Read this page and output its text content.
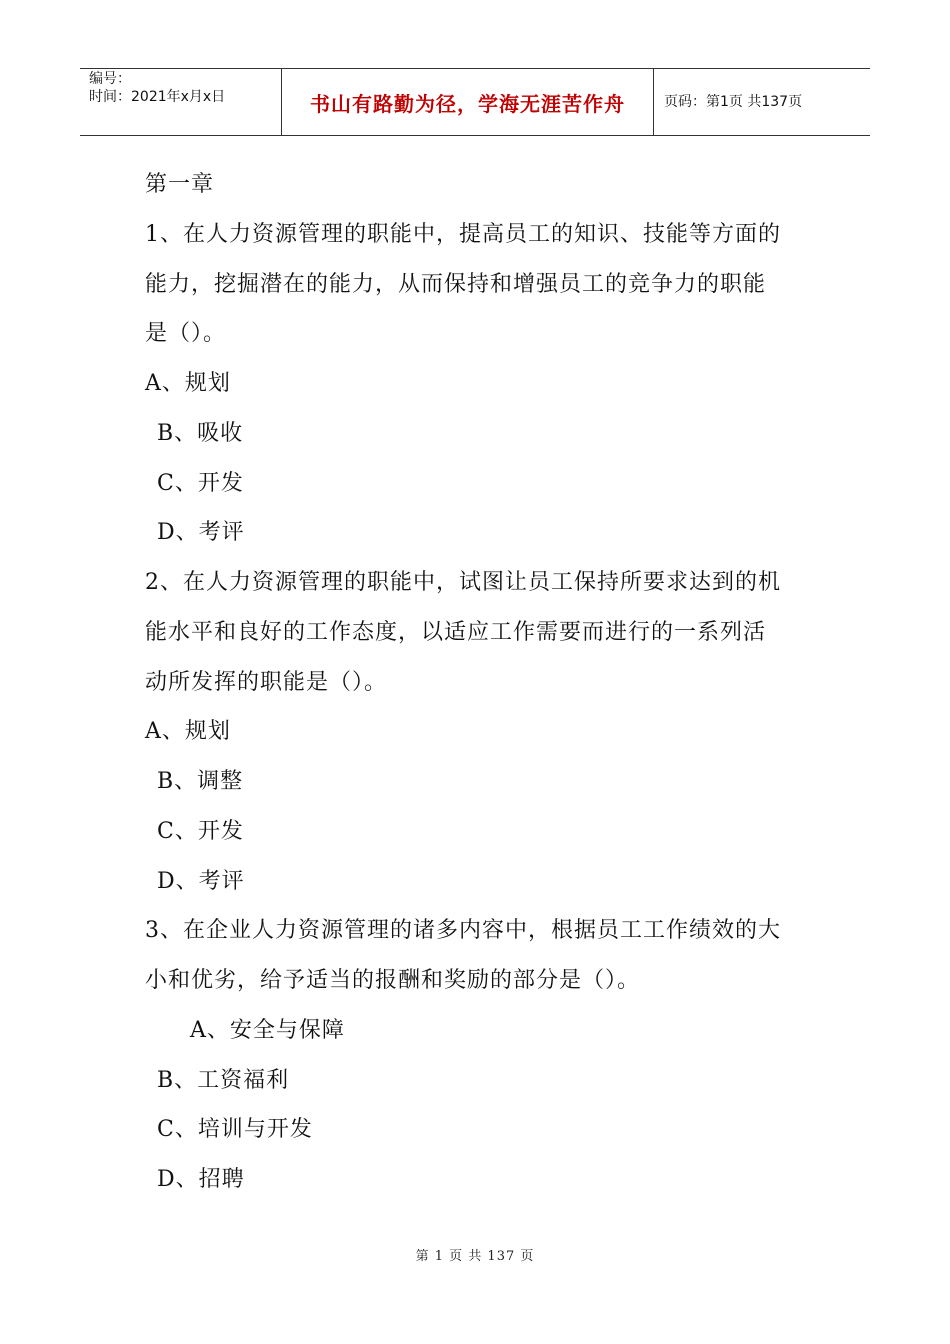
编号：
时间：2021年x月x日	书山有路勤为径，学海无涯苦作舟	页码：第1页 共137页
第一章
1、在人力资源管理的职能中，提高员工的知识、技能等方面的
能力，挖掘潜在的能力，从而保持和增强员工的竞争力的职能
是（）。
A、规划
B、吸收
C、开发
D、考评
2、在人力资源管理的职能中，试图让员工保持所要求达到的机
能水平和良好的工作态度，以适应工作需要而进行的一系列活
动所发挥的职能是（）。
A、规划
B、调整
C、开发
D、考评
3、在企业人力资源管理的诸多内容中，根据员工工作绩效的大
小和优劣，给予适当的报酬和奖励的部分是（）。
A、安全与保障
B、工资福利
C、培训与开发
D、招聘
第 1 页 共 137 页
